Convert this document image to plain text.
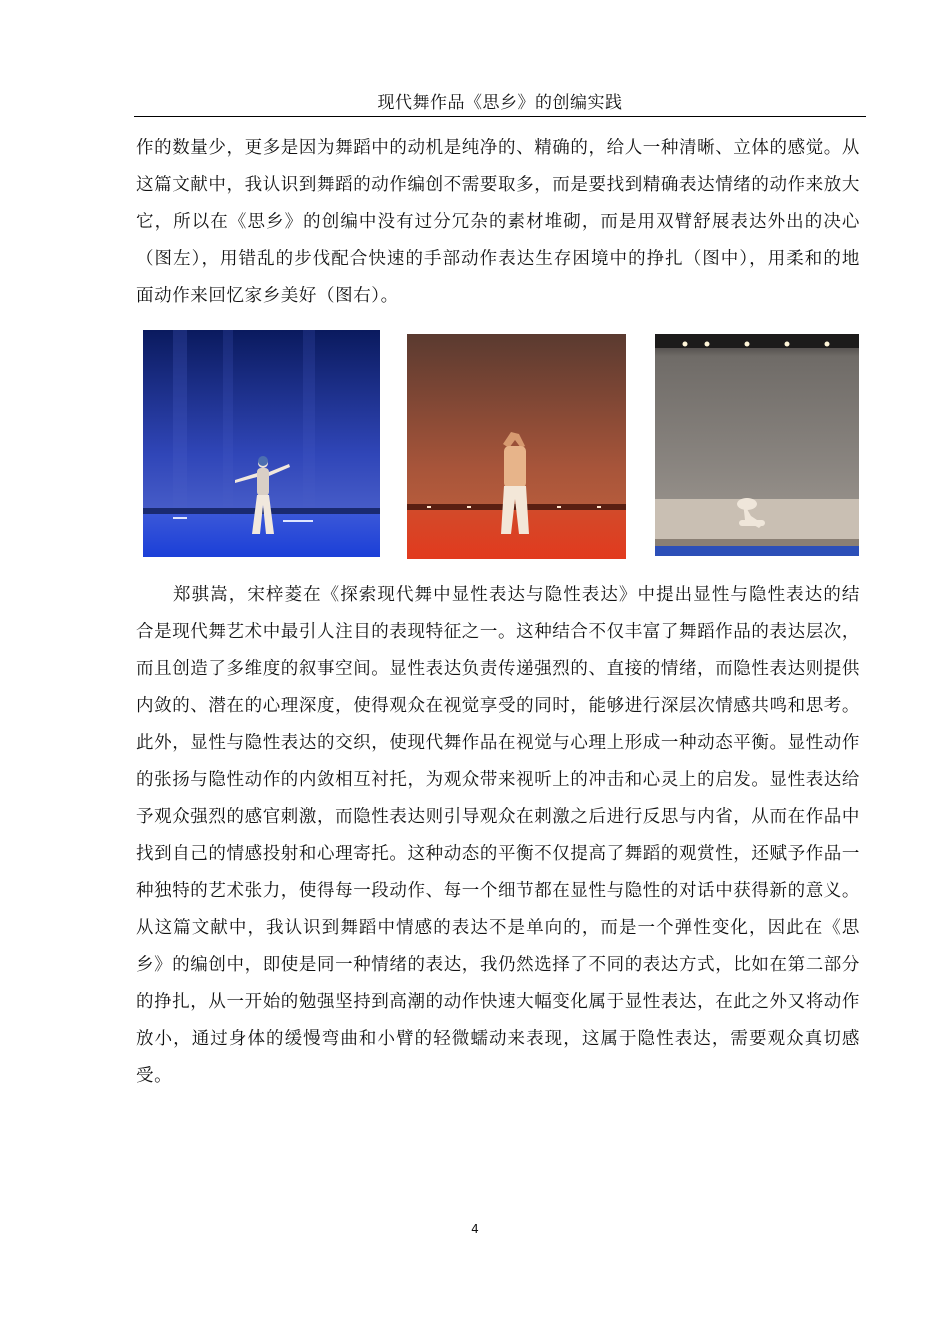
现代舞作品《思乡》的创编实践

作的数量少，更多是因为舞蹈中的动机是纯净的、精确的，给人一种清晰、立体的感觉。从这篇文献中，我认识到舞蹈的动作编创不需要取多，而是要找到精确表达情绪的动作来放大它，所以在《思乡》的创编中没有过分冗杂的素材堆砌，而是用双臂舒展表达外出的决心（图左），用错乱的步伐配合快速的手部动作表达生存困境中的挣扎（图中），用柔和的地面动作来回忆家乡美好（图右）。

郑骐嵩，宋梓菱在《探索现代舞中显性表达与隐性表达》中提出显性与隐性表达的结合是现代舞艺术中最引人注目的表现特征之一。这种结合不仅丰富了舞蹈作品的表达层次，而且创造了多维度的叙事空间。显性表达负责传递强烈的、直接的情绪，而隐性表达则提供内敛的、潜在的心理深度，使得观众在视觉享受的同时，能够进行深层次情感共鸣和思考。此外，显性与隐性表达的交织，使现代舞作品在视觉与心理上形成一种动态平衡。显性动作的张扬与隐性动作的内敛相互衬托，为观众带来视听上的冲击和心灵上的启发。显性表达给予观众强烈的感官刺激，而隐性表达则引导观众在刺激之后进行反思与内省，从而在作品中找到自己的情感投射和心理寄托。这种动态的平衡不仅提高了舞蹈的观赏性，还赋予作品一种独特的艺术张力，使得每一段动作、每一个细节都在显性与隐性的对话中获得新的意义。从这篇文献中，我认识到舞蹈中情感的表达不是单向的，而是一个弹性变化，因此在《思乡》的编创中，即使是同一种情绪的表达，我仍然选择了不同的表达方式，比如在第二部分的挣扎，从一开始的勉强坚持到高潮的动作快速大幅变化属于显性表达，在此之外又将动作放小，通过身体的缓慢弯曲和小臂的轻微蠕动来表现，这属于隐性表达，需要观众真切感受。

4
